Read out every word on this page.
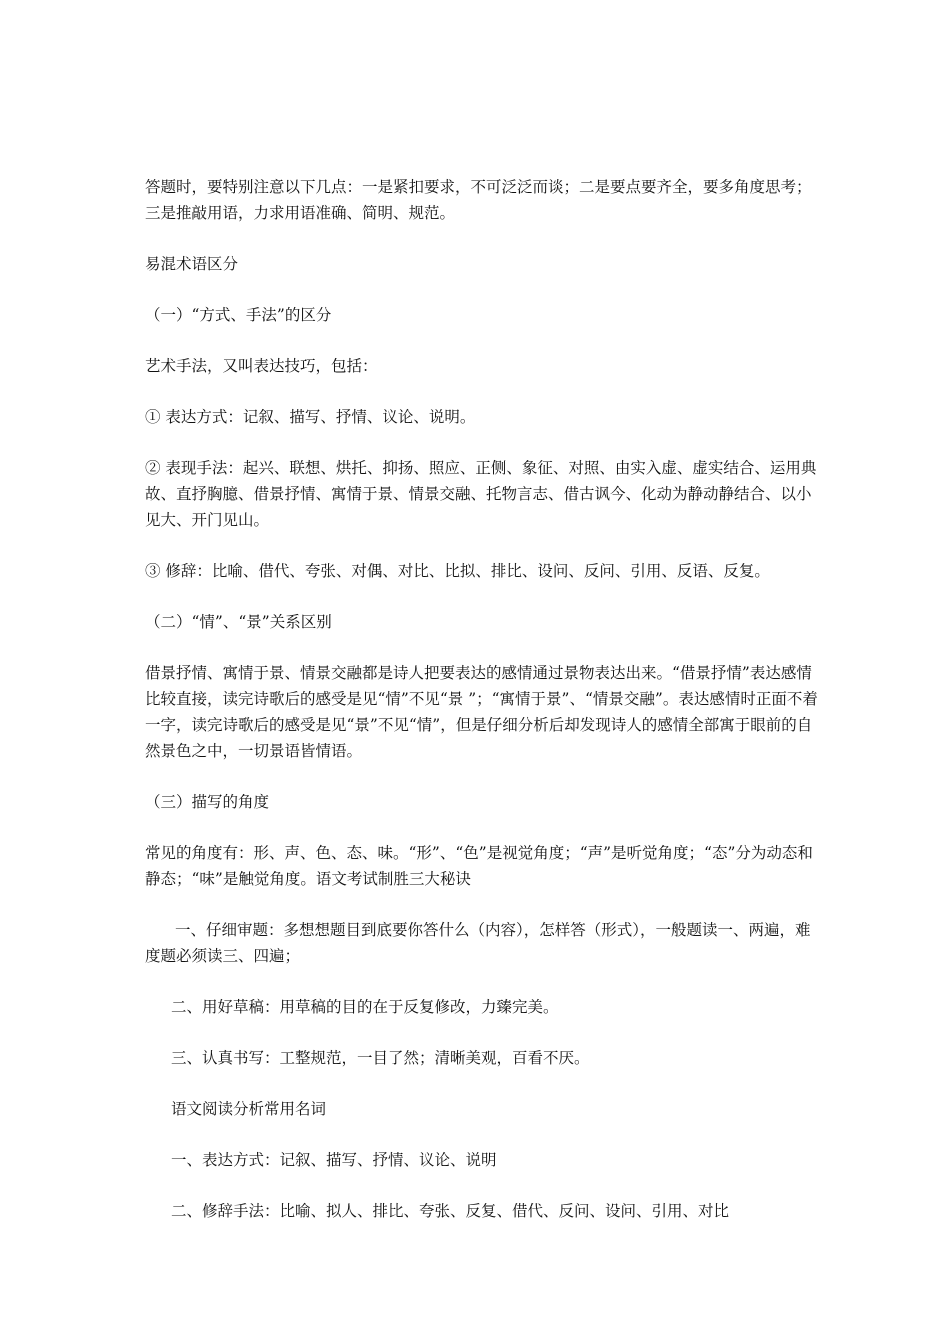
答题时，要特别注意以下几点：一是紧扣要求，不可泛泛而谈；二是要点要齐全，要多角度思考；三是推敲用语，力求用语准确、简明、规范。

易混术语区分

（一）“方式、手法”的区分

艺术手法，又叫表达技巧，包括：

① 表达方式：记叙、描写、抒情、议论、说明。

② 表现手法：起兴、联想、烘托、抑扬、照应、正侧、象征、对照、由实入虚、虚实结合、运用典故、直抒胸臆、借景抒情、寓情于景、情景交融、托物言志、借古讽今、化动为静动静结合、以小见大、开门见山。

③ 修辞：比喻、借代、夸张、对偶、对比、比拟、排比、设问、反问、引用、反语、反复。

（二）“情”、“景”关系区别

借景抒情、寓情于景、情景交融都是诗人把要表达的感情通过景物表达出来。“借景抒情”表达感情比较直接，读完诗歌后的感受是见“情”不见“景 ”；“寓情于景”、“情景交融”。表达感情时正面不着一字，读完诗歌后的感受是见“景”不见“情”，但是仔细分析后却发现诗人的感情全部寓于眼前的自然景色之中，一切景语皆情语。

（三）描写的角度

常见的角度有：形、声、色、态、味。“形”、“色”是视觉角度；“声”是听觉角度；“态”分为动态和静态；“味”是触觉角度。语文考试制胜三大秘诀

一、仔细审题：多想想题目到底要你答什么（内容），怎样答（形式），一般题读一、两遍，难度题必须读三、四遍；

二、用好草稿：用草稿的目的在于反复修改，力臻完美。

三、认真书写：工整规范，一目了然；清晰美观，百看不厌。

语文阅读分析常用名词

一、表达方式：记叙、描写、抒情、议论、说明

二、修辞手法：比喻、拟人、排比、夸张、反复、借代、反问、设问、引用、对比
